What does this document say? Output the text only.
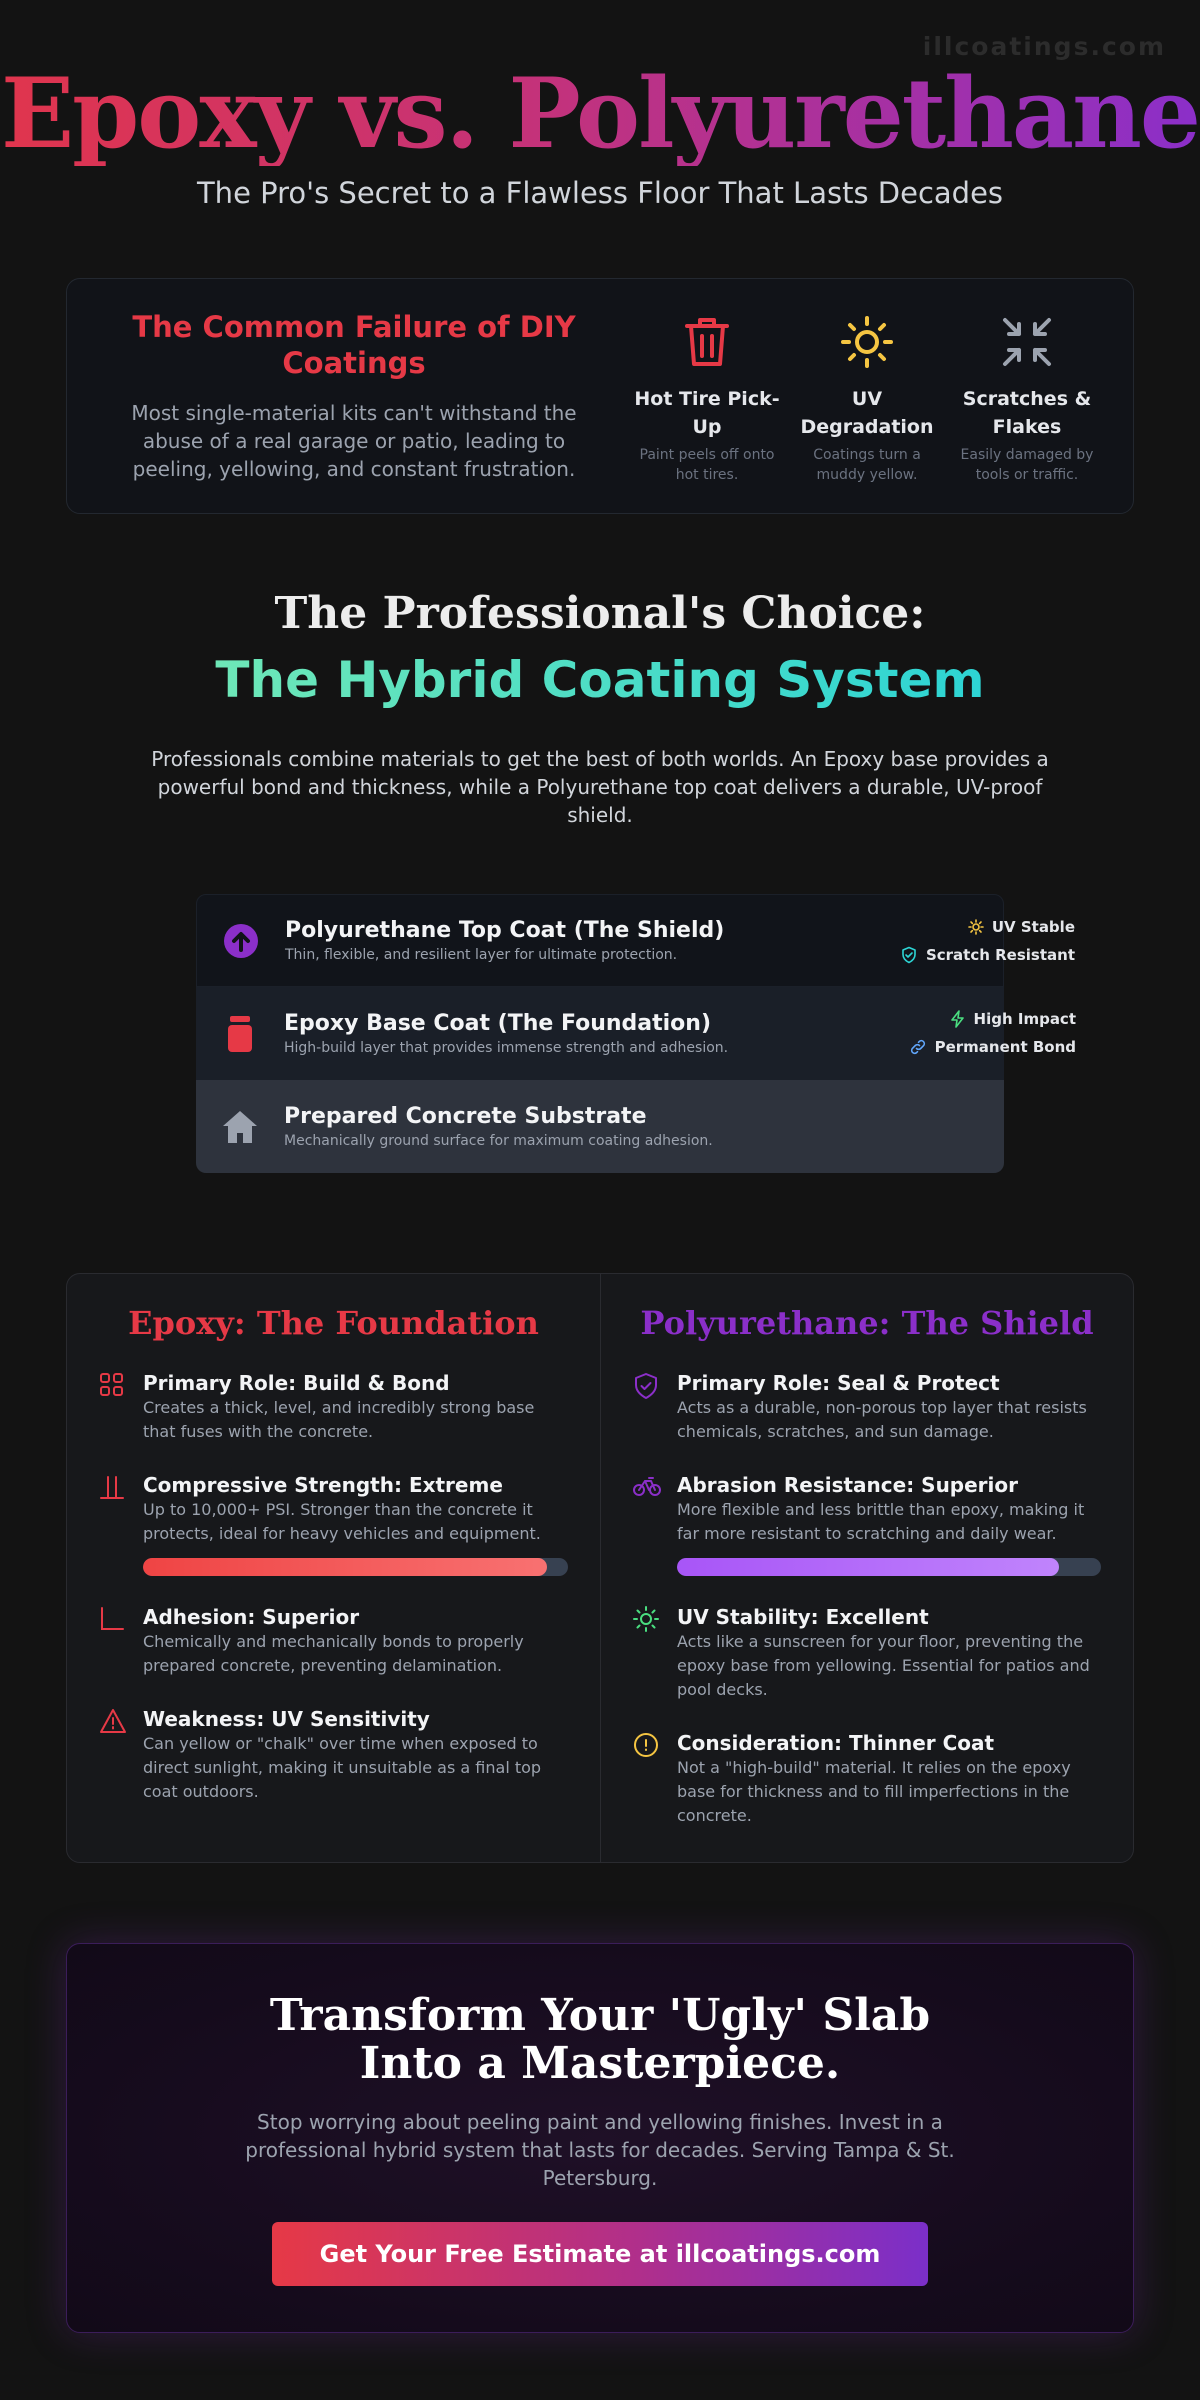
illcoatings.com
Epoxy vs. Polyurethane
The Pro's Secret to a Flawless Floor That Lasts Decades
The Common Failure of DIY Coatings

Most single-material kits can't withstand the abuse of a real garage or patio, leading to peeling, yellowing, and constant frustration.

Hot Tire Pick-Up

Paint peels off onto hot tires.

UV Degradation

Coatings turn a muddy yellow.

Scratches & Flakes

Easily damaged by tools or traffic.

The Professional's Choice:
The Hybrid Coating System

Professionals combine materials to get the best of both worlds. An Epoxy base provides a powerful bond and thickness, while a Polyurethane top coat delivers a durable, UV-proof shield.

Polyurethane Top Coat (The Shield)

Thin, flexible, and resilient layer for ultimate protection.

UV Stable
Scratch Resistant
Epoxy Base Coat (The Foundation)

High-build layer that provides immense strength and adhesion.

High Impact
Permanent Bond
Prepared Concrete Substrate

Mechanically ground surface for maximum coating adhesion.

Epoxy: The Foundation
Primary Role: Build & Bond

Creates a thick, level, and incredibly strong base that fuses with the concrete.

Compressive Strength: Extreme

Up to 10,000+ PSI. Stronger than the concrete it protects, ideal for heavy vehicles and equipment.

Adhesion: Superior

Chemically and mechanically bonds to properly prepared concrete, preventing delamination.

Weakness: UV Sensitivity

Can yellow or "chalk" over time when exposed to direct sunlight, making it unsuitable as a final top coat outdoors.

Polyurethane: The Shield
Primary Role: Seal & Protect

Acts as a durable, non-porous top layer that resists chemicals, scratches, and sun damage.

Abrasion Resistance: Superior

More flexible and less brittle than epoxy, making it far more resistant to scratching and daily wear.

UV Stability: Excellent

Acts like a sunscreen for your floor, preventing the epoxy base from yellowing. Essential for patios and pool decks.

Consideration: Thinner Coat

Not a "high-build" material. It relies on the epoxy base for thickness and to fill imperfections in the concrete.

Transform Your 'Ugly' Slab Into a Masterpiece.

Stop worrying about peeling paint and yellowing finishes. Invest in a professional hybrid system that lasts for decades. Serving Tampa & St. Petersburg.

Get Your Free Estimate at illcoatings.com
